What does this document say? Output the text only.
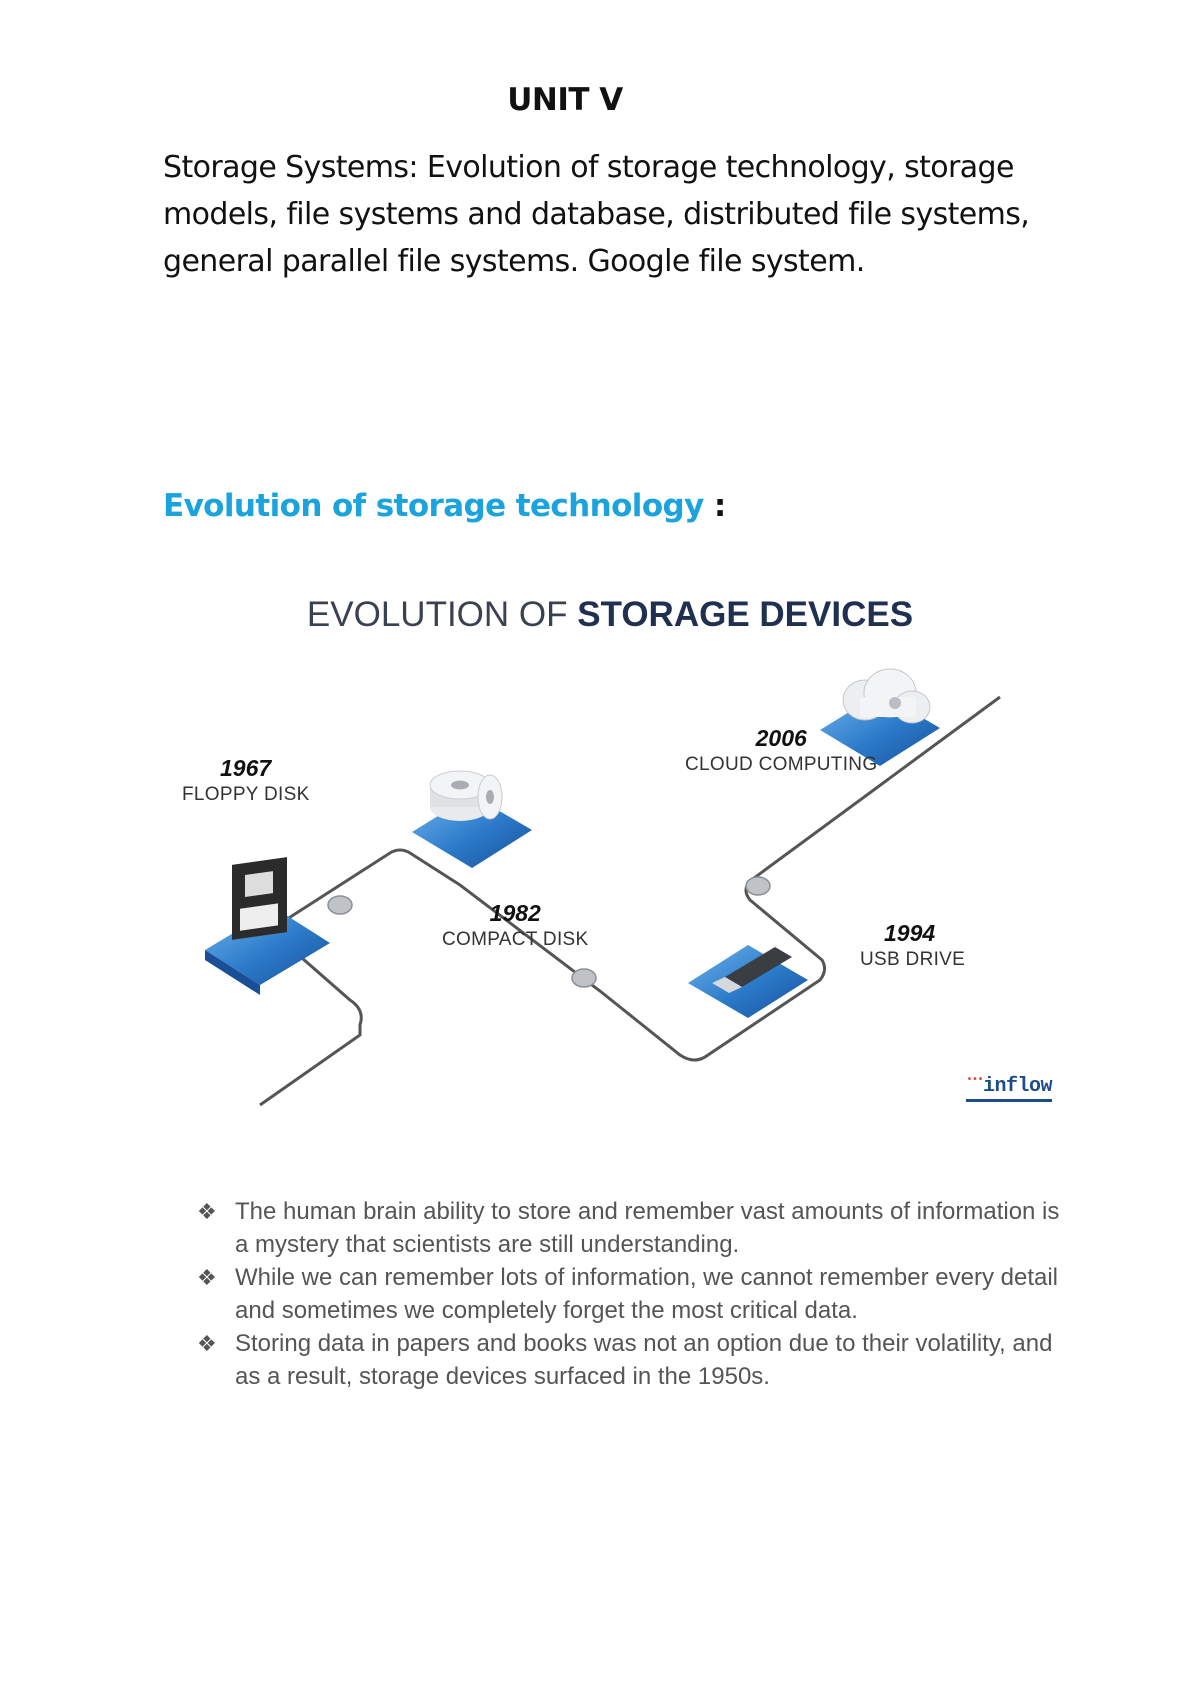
UNIT V
Storage Systems: Evolution of storage technology, storage models, file systems and database, distributed file systems, general parallel file systems. Google file system.
Evolution of storage technology :
EVOLUTION OF STORAGE DEVICES
1967
FLOPPY DISK
1982
COMPACT DISK	1994
USB DRIVE
2006
CLOUD COMPUTING
•••inflow
❖ The human brain ability to store and remember vast amounts of information is a mystery that scientists are still understanding.
❖ While we can remember lots of information, we cannot remember every detail and sometimes we completely forget the most critical data.
❖ Storing data in papers and books was not an option due to their volatility, and as a result, storage devices surfaced in the 1950s.
